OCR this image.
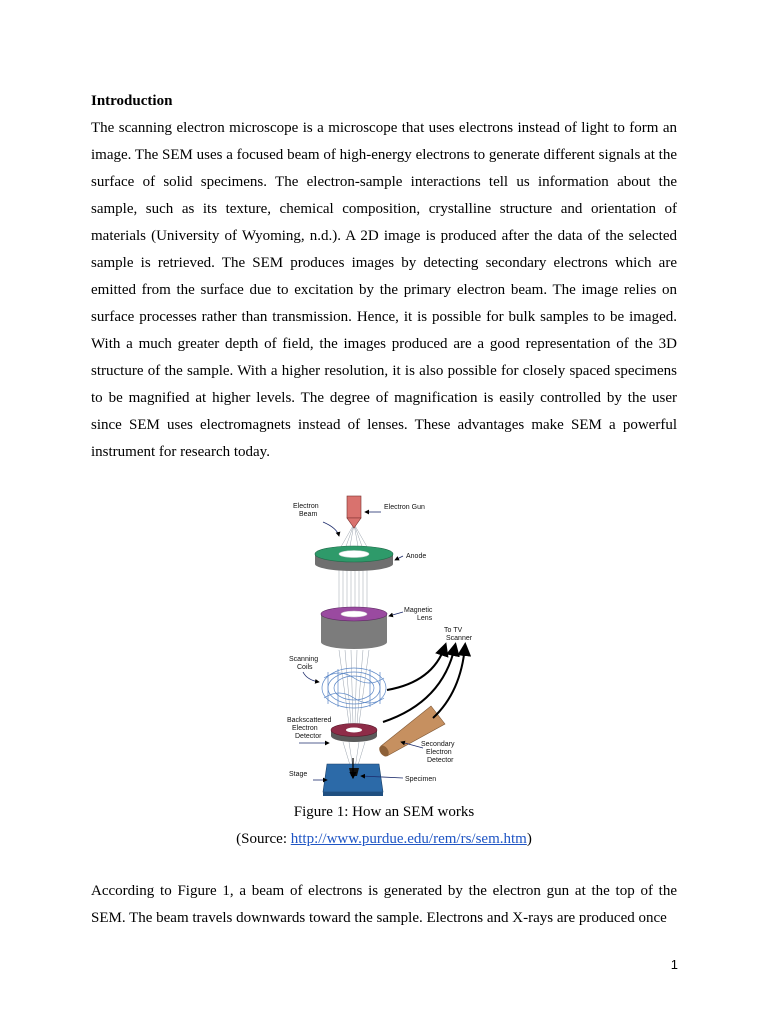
Introduction

The scanning electron microscope is a microscope that uses electrons instead of light to form an image. The SEM uses a focused beam of high-energy electrons to generate different signals at the surface of solid specimens. The electron-sample interactions tell us information about the sample, such as its texture, chemical composition, crystalline structure and orientation of materials (University of Wyoming, n.d.). A 2D image is produced after the data of the selected sample is retrieved. The SEM produces images by detecting secondary electrons which are emitted from the surface due to excitation by the primary electron beam. The image relies on surface processes rather than transmission. Hence, it is possible for bulk samples to be imaged. With a much greater depth of field, the images produced are a good representation of the 3D structure of the sample. With a higher resolution, it is also possible for closely spaced specimens to be magnified at higher levels. The degree of magnification is easily controlled by the user since SEM uses electromagnets instead of lenses. These advantages make SEM a powerful instrument for research today.

Electron
Beam
Electron Gun
Anode
Magnetic
Lens
To TV
Scanner
Scanning
Coils
Backscattered
Electron
Detector
Secondary
Electron
Detector
Stage
Specimen

Figure 1: How an SEM works

(Source: http://www.purdue.edu/rem/rs/sem.htm)

According to Figure 1, a beam of electrons is generated by the electron gun at the top of the SEM. The beam travels downwards toward the sample. Electrons and X-rays are produced once

1
